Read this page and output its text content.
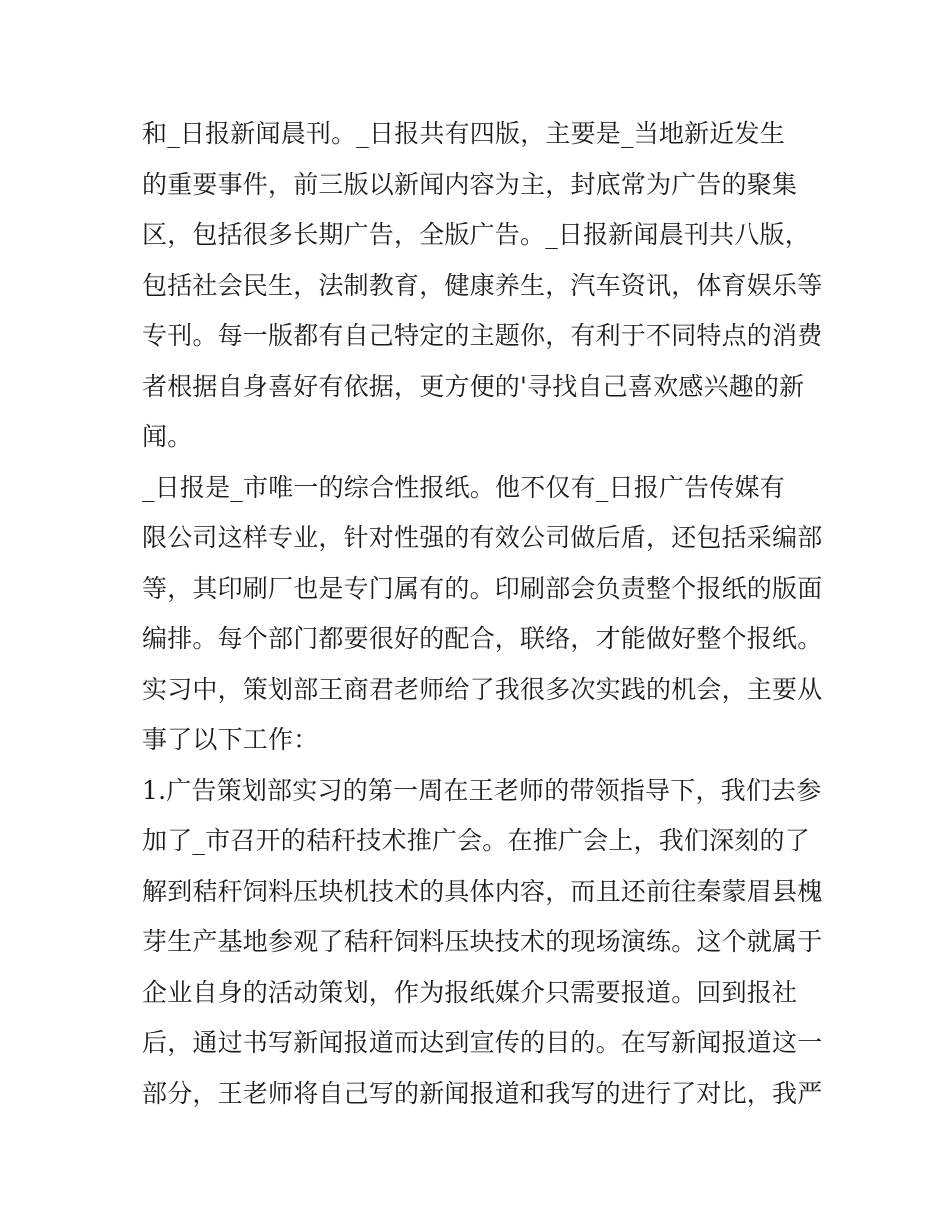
和_日报新闻晨刊。_日报共有四版，主要是_当地新近发生
的重要事件，前三版以新闻内容为主，封底常为广告的聚集
区，包括很多长期广告，全版广告。_日报新闻晨刊共八版，
包括社会民生，法制教育，健康养生，汽车资讯，体育娱乐等
专刊。每一版都有自己特定的主题你，有利于不同特点的消费
者根据自身喜好有依据，更方便的'寻找自己喜欢感兴趣的新
闻。
_日报是_市唯一的综合性报纸。他不仅有_日报广告传媒有
限公司这样专业，针对性强的有效公司做后盾，还包括采编部
等，其印刷厂也是专门属有的。印刷部会负责整个报纸的版面
编排。每个部门都要很好的配合，联络，才能做好整个报纸。
实习中，策划部王商君老师给了我很多次实践的机会，主要从
事了以下工作：
1.广告策划部实习的第一周在王老师的带领指导下，我们去参
加了_市召开的秸秆技术推广会。在推广会上，我们深刻的了
解到秸秆饲料压块机技术的具体内容，而且还前往秦蒙眉县槐
芽生产基地参观了秸秆饲料压块技术的现场演练。这个就属于
企业自身的活动策划，作为报纸媒介只需要报道。回到报社
后，通过书写新闻报道而达到宣传的目的。在写新闻报道这一
部分，王老师将自己写的新闻报道和我写的进行了对比，我严
